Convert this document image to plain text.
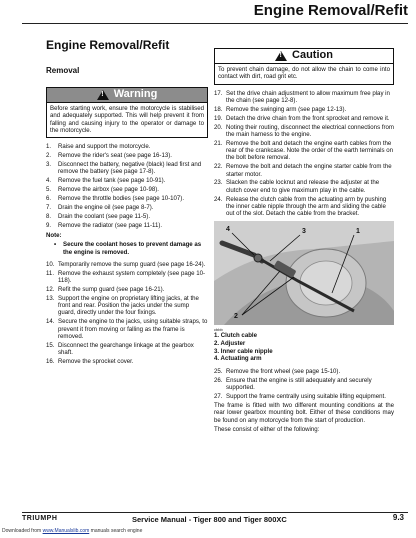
Engine Removal/Refit
Engine Removal/Refit
Removal
!
Warning
Before starting work, ensure the motorcycle is stabilised and adequately supported. This will help prevent it from falling and causing injury to the operator or damage to the motorcycle.
1.	Raise and support the motorcycle.
2.	Remove the rider's seat (see page 16-13).
3.	Disconnect the battery, negative (black) lead first and remove the battery (see page 17-8).
4.	Remove the fuel tank (see page 10-91).
5.	Remove the airbox (see page 10-98).
6.	Remove the throttle bodies (see page 10-107).
7.	Drain the engine oil (see page 8-7).
8.	Drain the coolant (see page 11-5).
9.	Remove the radiator (see page 11-11).
Note:
•	Secure the coolant hoses to prevent damage as the engine is removed.
10. Temporarily remove the sump guard (see page 16-24).
11. Remove the exhaust system completely (see page 10-118).
12. Refit the sump guard (see page 16-21).
13. Support the engine on proprietary lifting jacks, at the front and rear. Position the jacks under the sump guard, directly under the four fixings.
14. Secure the engine to the jacks, using suitable straps, to prevent it from moving or falling as the frame is removed.
15. Disconnect the gearchange linkage at the gearbox shaft.
16. Remove the sprocket cover.
!
Caution
To prevent chain damage, do not allow the chain to come into contact with dirt, road grit etc.
17. Set the drive chain adjustment to allow maximum free play in the chain (see page 12-8).
18. Remove the swinging arm (see page 12-13).
19. Detach the drive chain from the front sprocket and remove it.
20. Noting their routing, disconnect the electrical connections from the main harness to the engine.
21. Remove the bolt and detach the engine earth cables from the rear of the crankcase. Note the order of the earth terminals on the bolt before removal.
22. Remove the bolt and detach the engine starter cable from the starter motor.
23. Slacken the cable locknut and release the adjuster at the clutch cover end to give maximum play in the cable.
24. Release the clutch cable from the actuating arm by pushing the inner cable nipple through the arm and sliding the cable out of the slot. Detach the cable from the bracket.
4	3	1
2
cbbb
1. Clutch cable
2. Adjuster
3. Inner cable nipple
4. Actuating arm
25. Remove the front wheel (see page 15-10).
26. Ensure that the engine is still adequately and securely supported.
27. Support the frame centrally using suitable lifting equipment.
The frame is fitted with two different mounting conditions at the rear lower gearbox mounting bolt. Either of these conditions may be found on any motorcycle from the start of production.
These consist of either of the following:
TRIUMPH	Service Manual - Tiger 800 and Tiger 800XC	9.3
Downloaded from www.Manualslib.com manuals search engine
